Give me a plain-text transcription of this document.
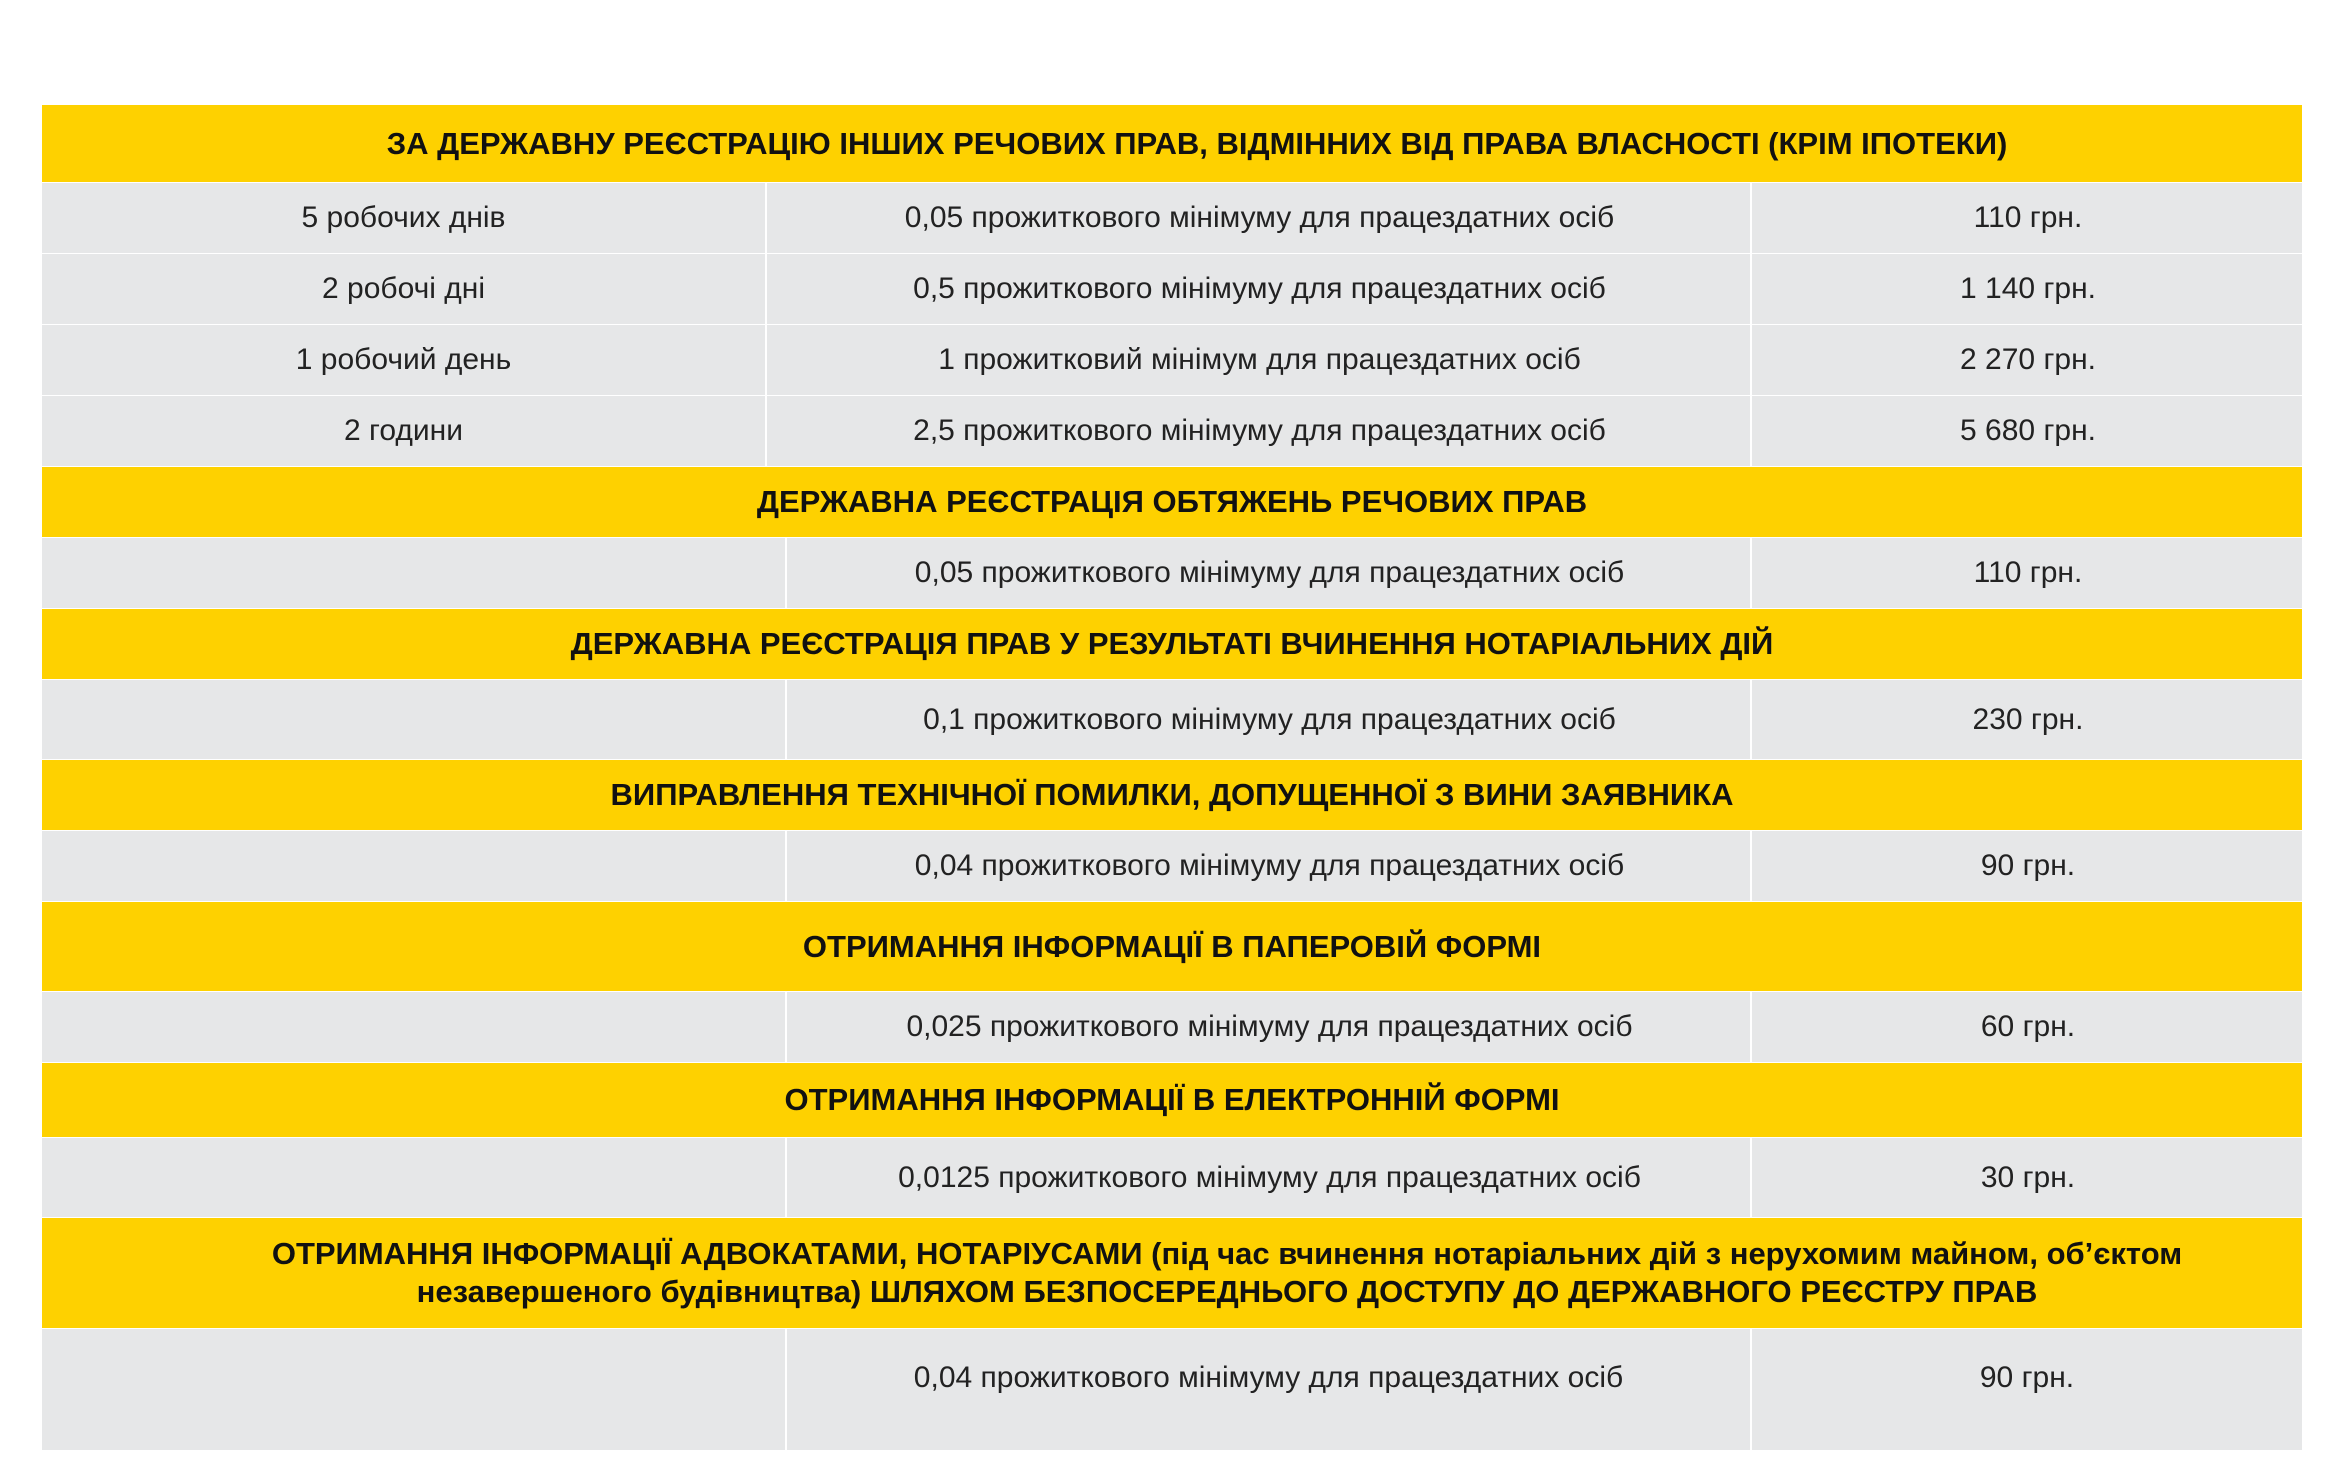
ЗА ДЕРЖАВНУ РЕЄСТРАЦІЮ ІНШИХ РЕЧОВИХ ПРАВ, ВІДМІННИХ ВІД ПРАВА ВЛАСНОСТІ (КРІМ ІПОТЕКИ)
5 робочих днів	0,05 прожиткового мінімуму для працездатних осіб	110 грн.
2 робочі дні	0,5 прожиткового мінімуму для працездатних осіб	1 140 грн.
1 робочий день	1 прожитковий мінімум для працездатних осіб	2 270 грн.
2 години	2,5 прожиткового мінімуму для працездатних осіб	5 680 грн.
ДЕРЖАВНА РЕЄСТРАЦІЯ ОБТЯЖЕНЬ РЕЧОВИХ ПРАВ
0,05 прожиткового мінімуму для працездатних осіб	110 грн.
ДЕРЖАВНА РЕЄСТРАЦІЯ ПРАВ У РЕЗУЛЬТАТІ ВЧИНЕННЯ НОТАРІАЛЬНИХ ДІЙ
0,1 прожиткового мінімуму для працездатних осіб	230 грн.
ВИПРАВЛЕННЯ ТЕХНІЧНОЇ ПОМИЛКИ, ДОПУЩЕННОЇ З ВИНИ ЗАЯВНИКА
0,04 прожиткового мінімуму для працездатних осіб	90 грн.
ОТРИМАННЯ ІНФОРМАЦІЇ В ПАПЕРОВІЙ ФОРМІ
0,025 прожиткового мінімуму для працездатних осіб	60 грн.
ОТРИМАННЯ ІНФОРМАЦІЇ В ЕЛЕКТРОННІЙ ФОРМІ
0,0125 прожиткового мінімуму для працездатних осіб	30 грн.
ОТРИМАННЯ ІНФОРМАЦІЇ АДВОКАТАМИ, НОТАРІУСАМИ (під час вчинення нотаріальних дій з нерухомим майном, об’єктом
незавершеного будівництва) ШЛЯХОМ БЕЗПОСЕРЕДНЬОГО ДОСТУПУ ДО ДЕРЖАВНОГО РЕЄСТРУ ПРАВ
0,04 прожиткового мінімуму для працездатних осіб	90 грн.
